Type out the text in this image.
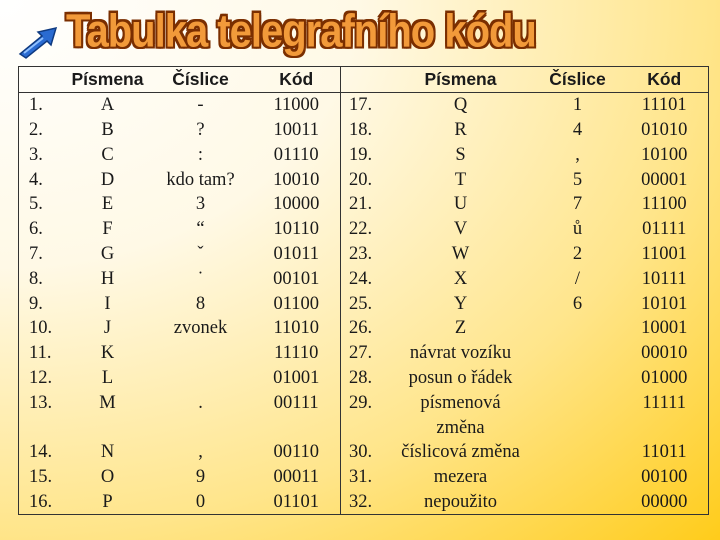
Tabulka telegrafního kódu
	Písmena	Číslice	Kód		Písmena	Číslice	Kód
1.	A	-	11000	17.	Q	1	11101
2.	B	?	10011	18.	R	4	01010
3.	C	:	01110	19.	S	,	10100
4.	D	kdo tam?	10010	20.	T	5	00001
5.	E	3	10000	21.	U	7	11100
6.	F	“	10110	22.	V	ů	01111
7.	G	ˇ	01011	23.	W	2	11001
8.	H	˙	00101	24.	X	/	10111
9.	I	8	01100	25.	Y	6	10101
10.	J	zvonek	11010	26.	Z		10001
11.	K		11110	27.	návrat vozíku		00010
12.	L		01001	28.	posun o řádek		01000
13.	M	.	00111	29.	písmenová		11111
					změna		
14.	N	,	00110	30.	číslicová změna		11011
15.	O	9	00011	31.	mezera		00100
16.	P	0	01101	32.	nepoužito		00000
